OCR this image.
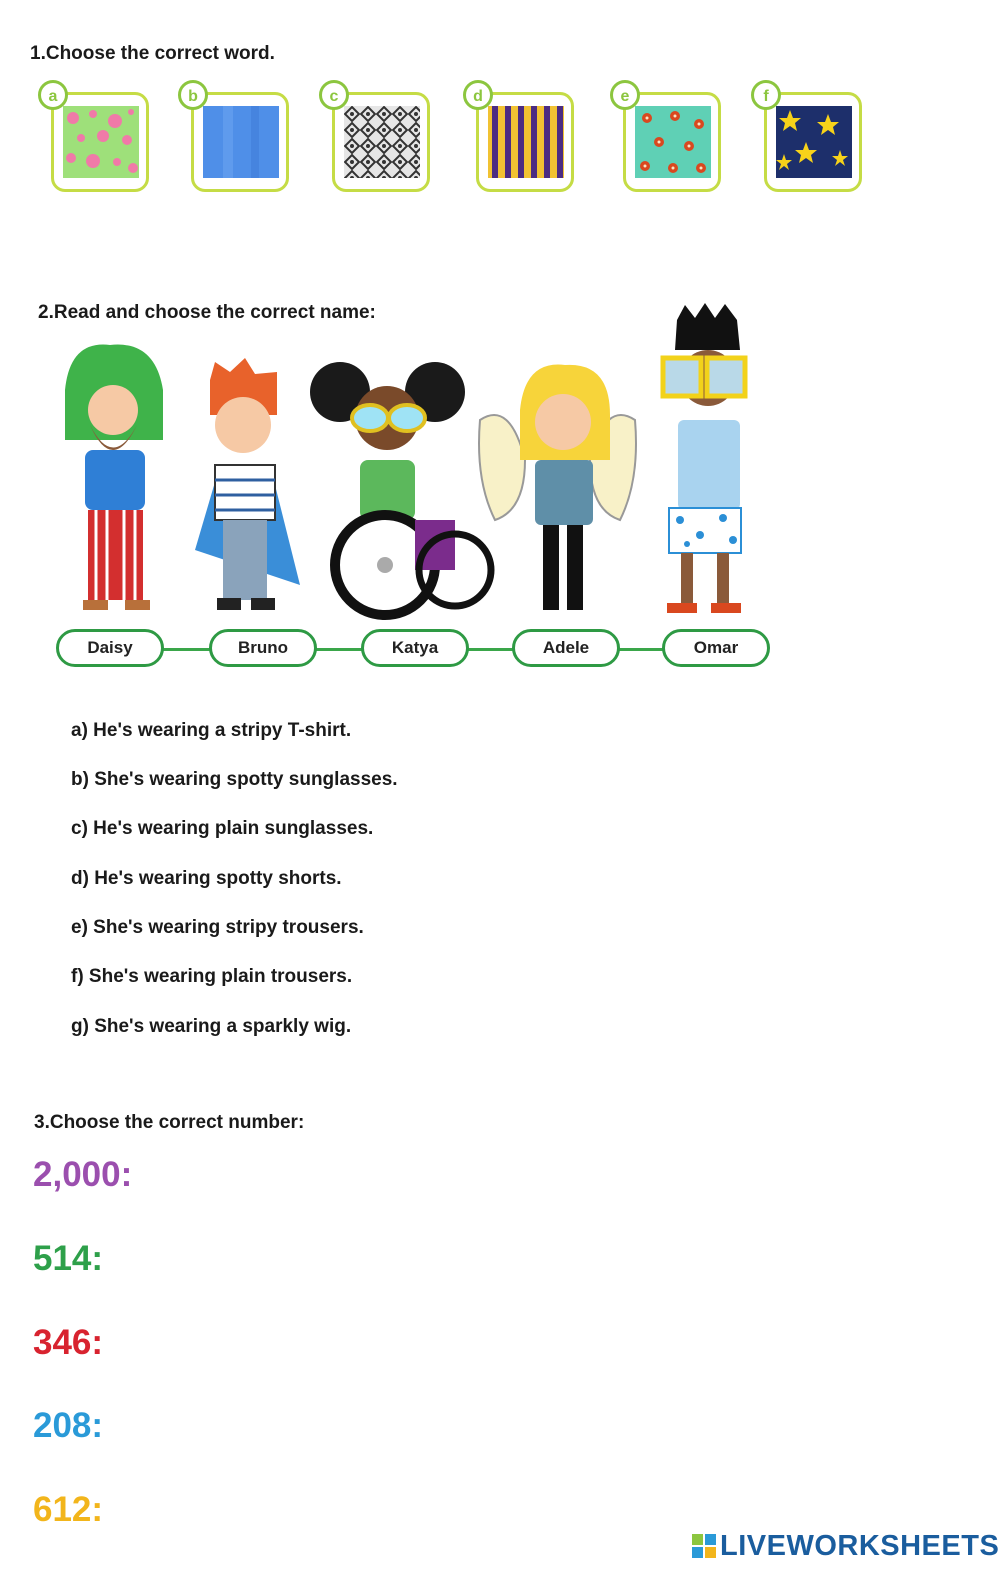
1.Choose the correct word.
a	b	c	d	e	f
2.Read and choose the correct name:
Daisy	Bruno	Katya	Adele	Omar
a) He's wearing a stripy T-shirt.
b) She's wearing spotty sunglasses.
c) He's wearing plain sunglasses.
d) He's wearing spotty shorts.
e) She's wearing stripy trousers.
f) She's wearing plain trousers.
g) She's wearing a sparkly wig.
3.Choose the correct number:
2,000:
514:
346:
208:
612:
LIVEWORKSHEETS
